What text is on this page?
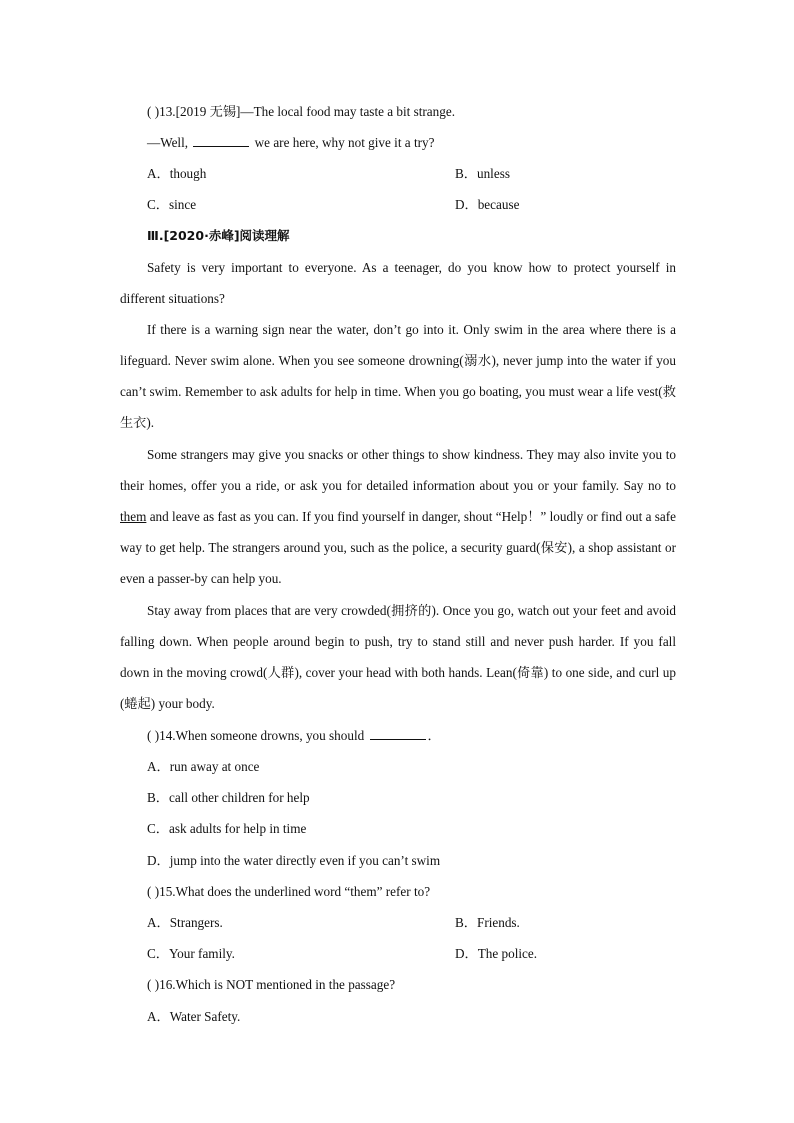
( )13.[2019 无锡]—The local food may taste a bit strange.
—Well,	we are here, why not give it a try?
A．though	B．unless
C．since	D．because
Ⅲ.[2020·赤峰]阅读理解
Safety is very important to everyone. As a teenager, do you know how to protect yourself in different situations?
If there is a warning sign near the water, don’t go into it. Only swim in the area where there is a lifeguard. Never swim alone. When you see someone drowning(溺水), never jump into the water if you can’t swim. Remember to ask adults for help in time. When you go boating, you must wear a life vest(救生衣).
Some strangers may give you snacks or other things to show kindness. They may also invite you to their homes, offer you a ride, or ask you for detailed information about you or your family. Say no to them and leave as fast as you can. If you find yourself in danger, shout “Help！” loudly or find out a safe way to get help. The strangers around you, such as the police, a security guard(保安), a shop assistant or even a passer-by can help you.
Stay away from places that are very crowded(拥挤的). Once you go, watch out your feet and avoid falling down. When people around begin to push, try to stand still and never push harder. If you fall down in the moving crowd(人群), cover your head with both hands. Lean(倚靠) to one side, and curl up (蜷起) your body.
( )14.When someone drowns, you should	．
A．run away at once
B．call other children for help
C．ask adults for help in time
D．jump into the water directly even if you can’t swim
( )15.What does the underlined word “them” refer to?
A．Strangers.	B．Friends.
C．Your family.	D．The police.
( )16.Which is NOT mentioned in the passage?
A．Water Safety.
